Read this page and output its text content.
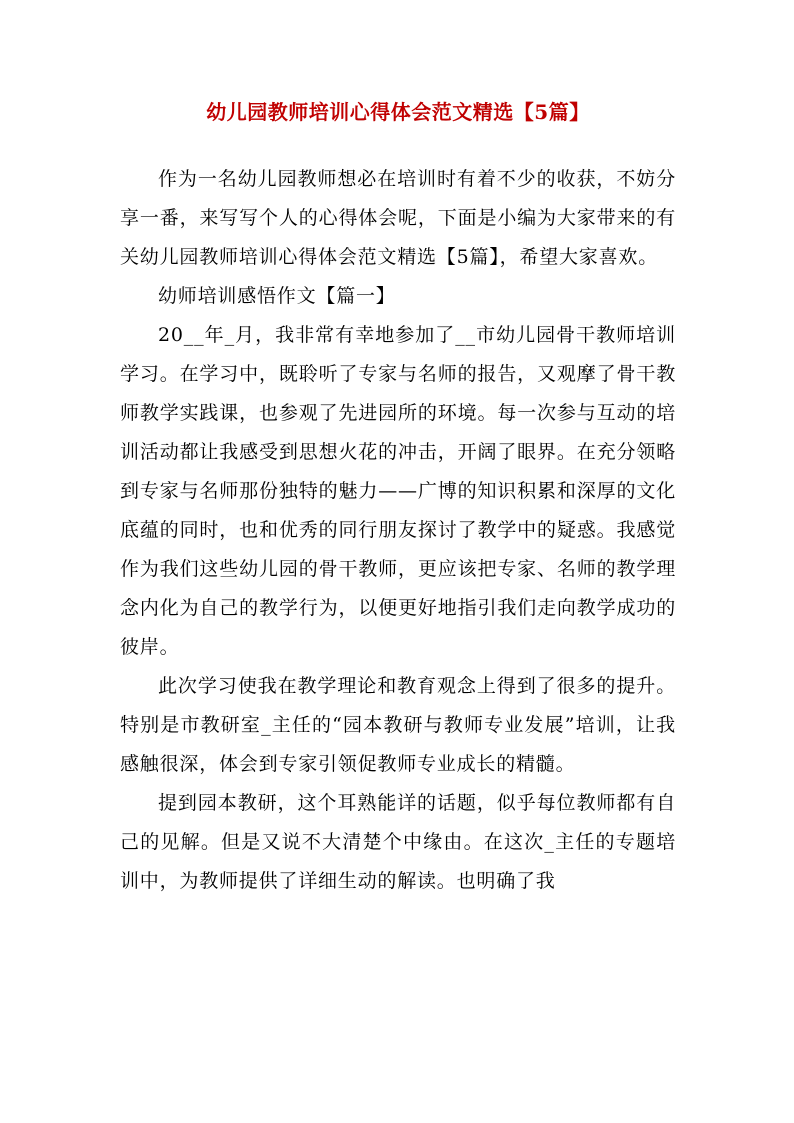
幼儿园教师培训心得体会范文精选【5篇】

作为一名幼儿园教师想必在培训时有着不少的收获，不妨分享一番，来写写个人的心得体会呢，下面是小编为大家带来的有关幼儿园教师培训心得体会范文精选【5篇】，希望大家喜欢。

幼师培训感悟作文【篇一】

20__年_月，我非常有幸地参加了__市幼儿园骨干教师培训学习。在学习中，既聆听了专家与名师的报告，又观摩了骨干教师教学实践课，也参观了先进园所的环境。每一次参与互动的培训活动都让我感受到思想火花的冲击，开阔了眼界。在充分领略到专家与名师那份独特的魅力——广博的知识积累和深厚的文化底蕴的同时，也和优秀的同行朋友探讨了教学中的疑惑。我感觉作为我们这些幼儿园的骨干教师，更应该把专家、名师的教学理念内化为自己的教学行为，以便更好地指引我们走向教学成功的彼岸。

此次学习使我在教学理论和教育观念上得到了很多的提升。特别是市教研室_主任的“园本教研与教师专业发展”培训，让我感触很深，体会到专家引领促教师专业成长的精髓。

提到园本教研，这个耳熟能详的话题，似乎每位教师都有自己的见解。但是又说不大清楚个中缘由。在这次_主任的专题培训中，为教师提供了详细生动的解读。也明确了我
